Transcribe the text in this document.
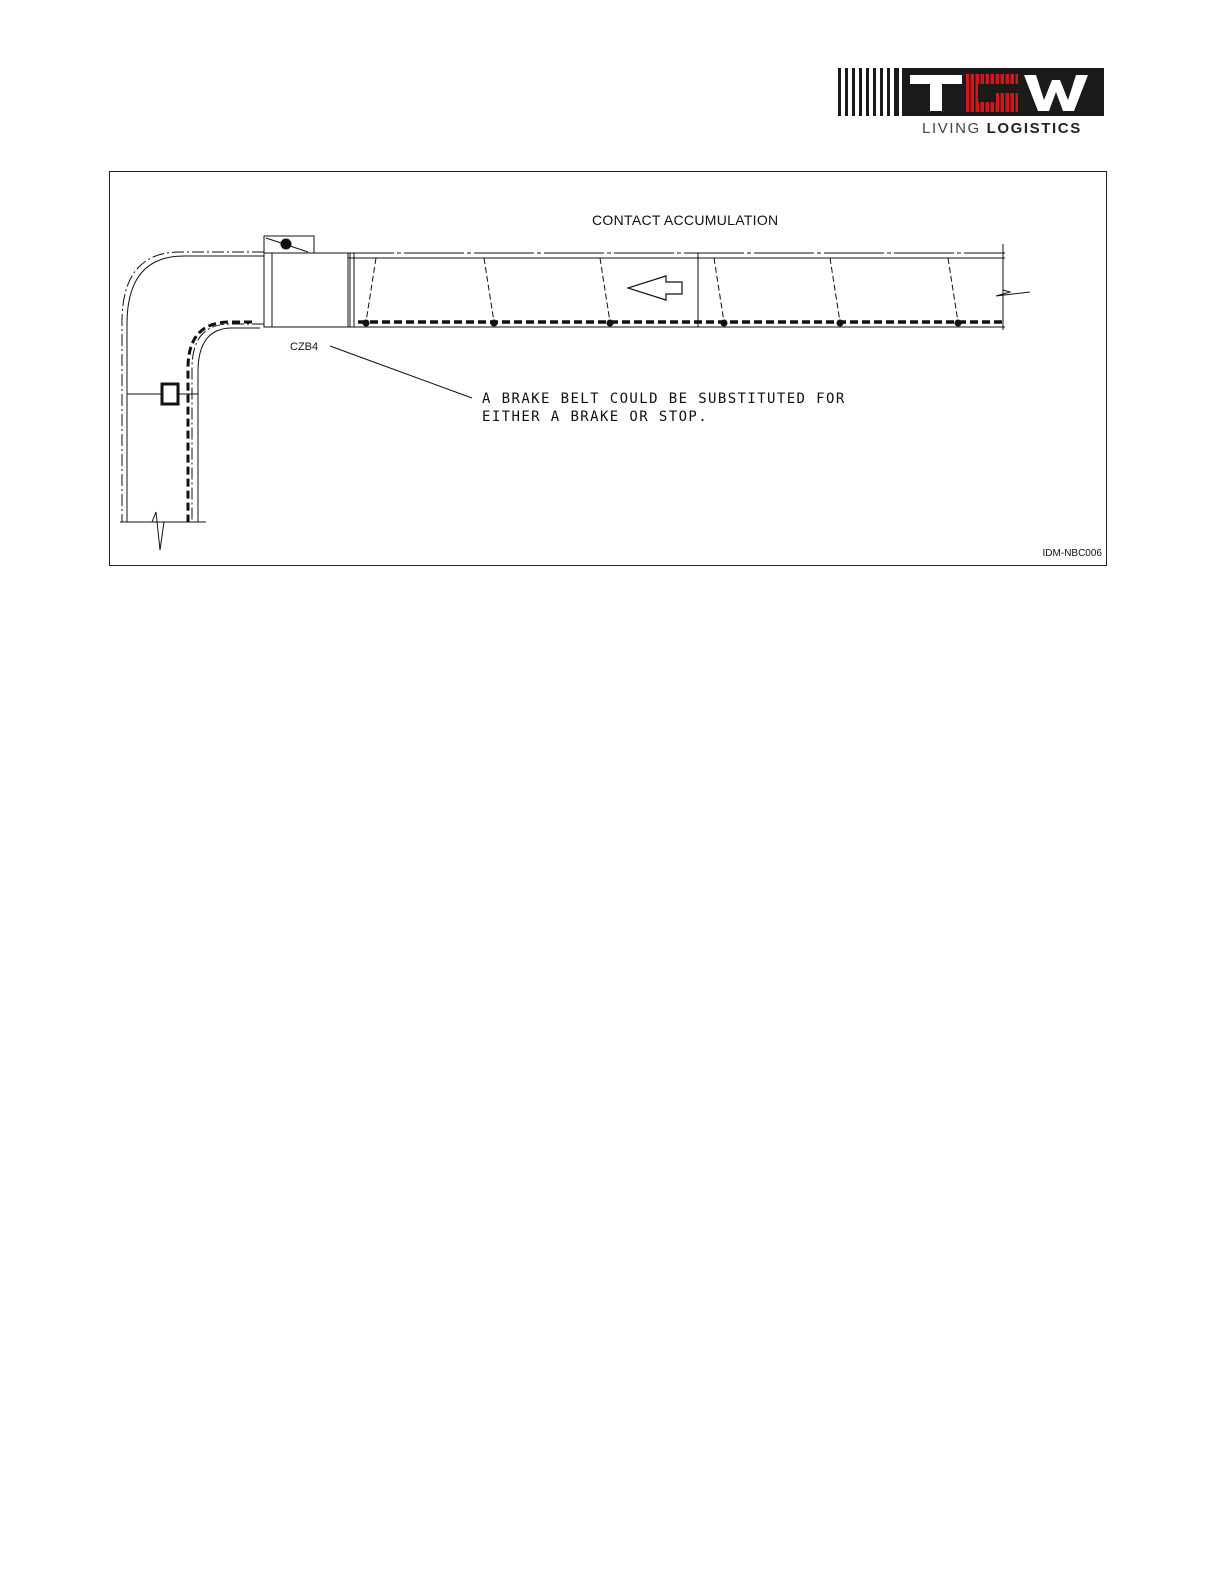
LIVING LOGISTICS
CONTACT ACCUMULATION
CZB4
A BRAKE BELT COULD BE SUBSTITUTED FOR
EITHER A BRAKE OR STOP.
IDM-NBC006
